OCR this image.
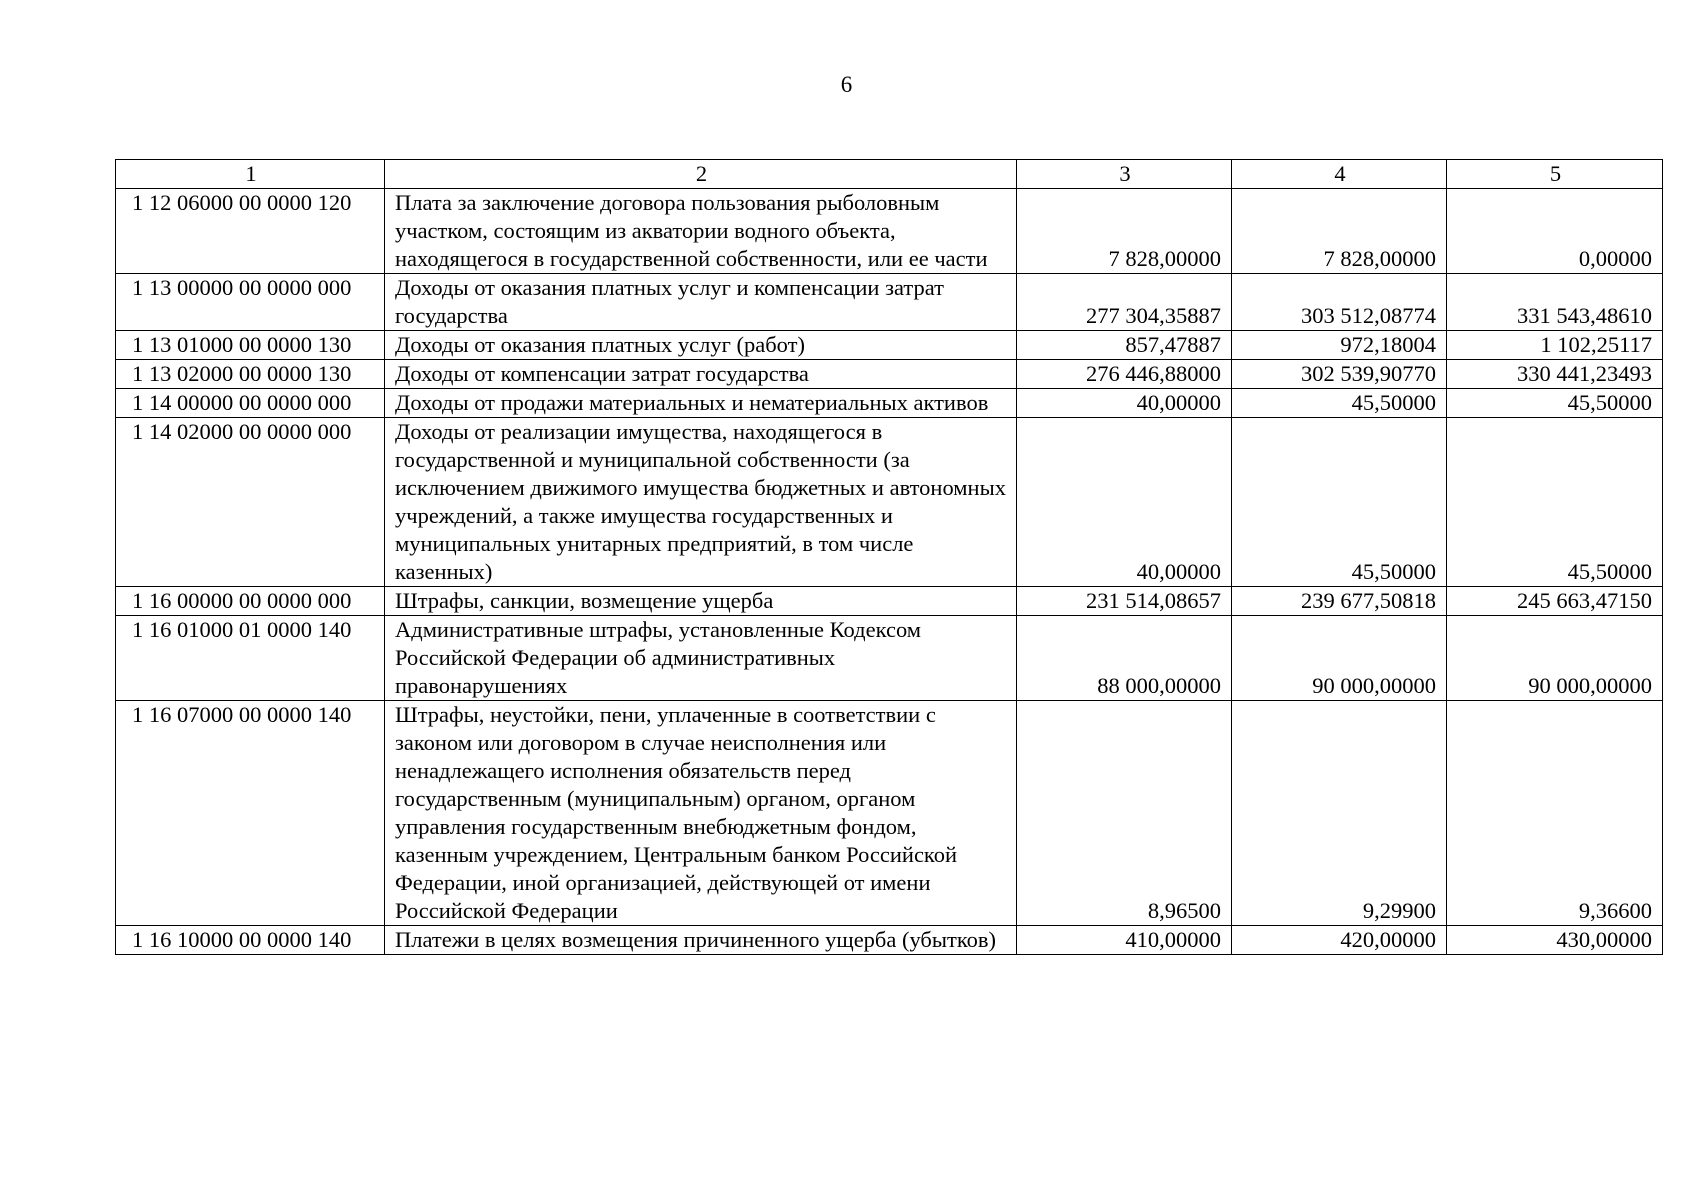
6
1	2	3	4	5
1 12 06000 00 0000 120	Плата за заключение договора пользования рыболовным участком, состоящим из акватории водного объекта, находящегося в государственной собственности, или ее части	7 828,00000	7 828,00000	0,00000
1 13 00000 00 0000 000	Доходы от оказания платных услуг и компенсации затрат государства	277 304,35887	303 512,08774	331 543,48610
1 13 01000 00 0000 130	Доходы от оказания платных услуг (работ)	857,47887	972,18004	1 102,25117
1 13 02000 00 0000 130	Доходы от компенсации затрат государства	276 446,88000	302 539,90770	330 441,23493
1 14 00000 00 0000 000	Доходы от продажи материальных и нематериальных активов	40,00000	45,50000	45,50000
1 14 02000 00 0000 000	Доходы от реализации имущества, находящегося в государственной и муниципальной собственности (за исключением движимого имущества бюджетных и автономных учреждений, а также имущества государственных и муниципальных унитарных предприятий, в том числе казенных)	40,00000	45,50000	45,50000
1 16 00000 00 0000 000	Штрафы, санкции, возмещение ущерба	231 514,08657	239 677,50818	245 663,47150
1 16 01000 01 0000 140	Административные штрафы, установленные Кодексом Российской Федерации об административных правонарушениях	88 000,00000	90 000,00000	90 000,00000
1 16 07000 00 0000 140	Штрафы, неустойки, пени, уплаченные в соответствии с законом или договором в случае неисполнения или ненадлежащего исполнения обязательств перед государственным (муниципальным) органом, органом управления государственным внебюджетным фондом, казенным учреждением, Центральным банком Российской Федерации, иной организацией, действующей от имени Российской Федерации	8,96500	9,29900	9,36600
1 16 10000 00 0000 140	Платежи в целях возмещения причиненного ущерба (убытков)	410,00000	420,00000	430,00000
